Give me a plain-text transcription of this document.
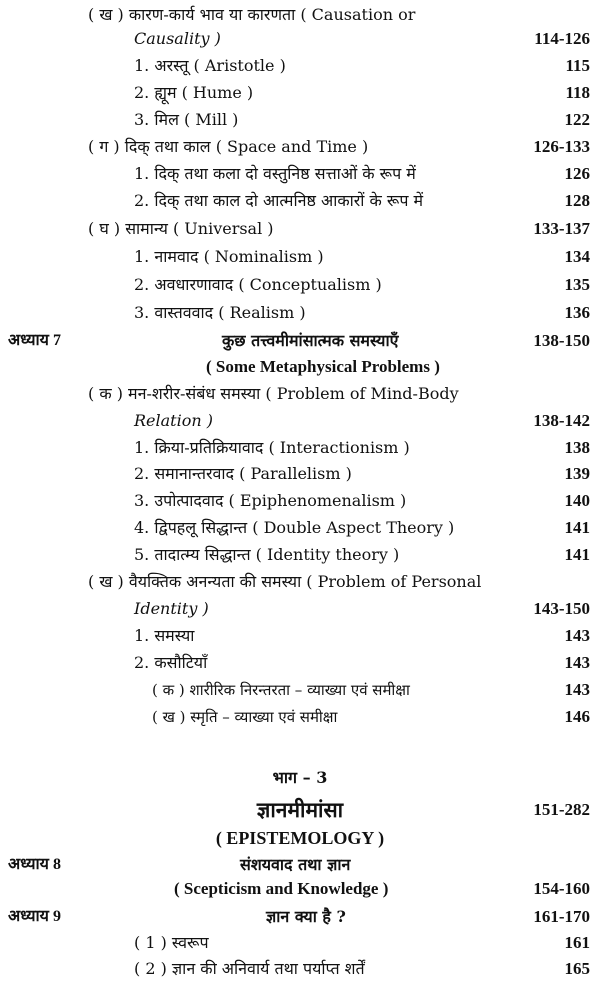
( ख ) कारण-कार्य भाव या कारणता ( Causation or
Causality )	114-126
1. अरस्तू ( Aristotle )	115
2. ह्यूम ( Hume )	118
3. मिल ( Mill )	122
( ग ) दिक् तथा काल ( Space and Time )	126-133
1. दिक् तथा कला दो वस्तुनिष्ठ सत्ताओं के रूप में	126
2. दिक् तथा काल दो आत्मनिष्ठ आकारों के रूप में	128
( घ ) सामान्य ( Universal )	133-137
1. नामवाद ( Nominalism )	134
2. अवधारणावाद ( Conceptualism )	135
3. वास्तववाद ( Realism )	136
अध्याय 7	कुछ तत्त्वमीमांसात्मक समस्याएँ	138-150
( Some Metaphysical Problems )
( क ) मन-शरीर-संबंध समस्या ( Problem of Mind-Body
Relation )	138-142
1. क्रिया-प्रतिक्रियावाद ( Interactionism )	138
2. समानान्तरवाद ( Parallelism )	139
3. उपोत्पादवाद ( Epiphenomenalism )	140
4. द्विपहलू सिद्धान्त ( Double Aspect Theory )	141
5. तादात्म्य सिद्धान्त ( Identity theory )	141
( ख ) वैयक्तिक अनन्यता की समस्या ( Problem of Personal
Identity )	143-150
1. समस्या	143
2. कसौटियाँ	143
( क ) शारीरिक निरन्तरता – व्याख्या एवं समीक्षा	143
( ख ) स्मृति – व्याख्या एवं समीक्षा	146
भाग – 3
ज्ञानमीमांसा	151-282
( EPISTEMOLOGY )
अध्याय 8	संशयवाद तथा ज्ञान
( Scepticism and Knowledge )	154-160
अध्याय 9	ज्ञान क्या है ?	161-170
( 1 ) स्वरूप	161
( 2 ) ज्ञान की अनिवार्य तथा पर्याप्त शर्तें	165
